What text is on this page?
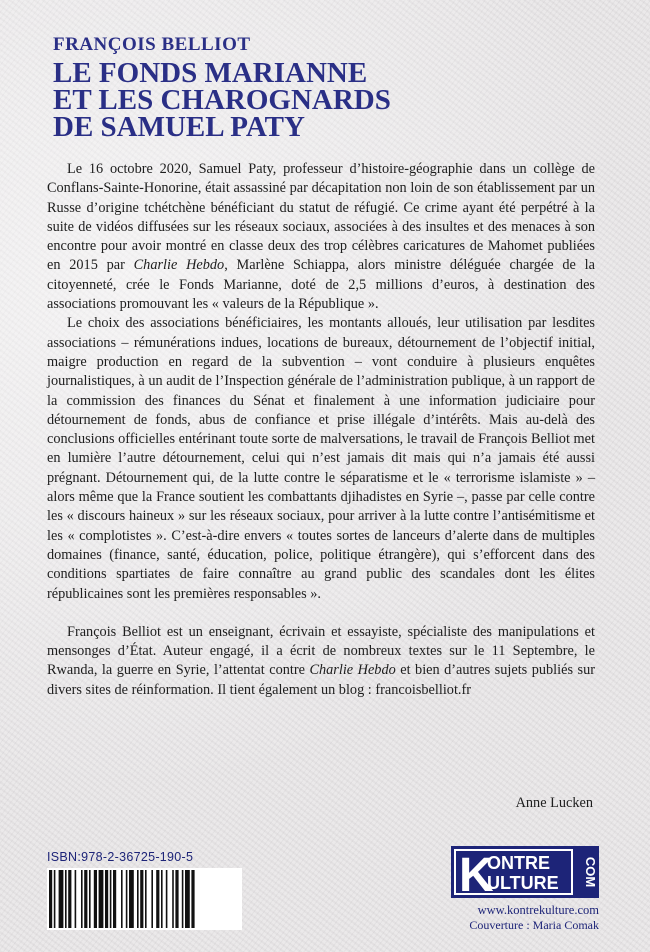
FRANÇOIS BELLIOT
LE FONDS MARIANNE
ET LES CHAROGNARDS
DE SAMUEL PATY

Le 16 octobre 2020, Samuel Paty, professeur d’histoire-géographie dans un collège de Conflans-Sainte-Honorine, était assassiné par décapitation non loin de son établissement par un Russe d’origine tchétchène bénéficiant du statut de réfugié. Ce crime ayant été perpétré à la suite de vidéos diffusées sur les réseaux sociaux, associées à des insultes et des menaces à son encontre pour avoir montré en classe deux des trop célèbres caricatures de Mahomet publiées en 2015 par Charlie Hebdo, Marlène Schiappa, alors ministre déléguée chargée de la citoyenneté, crée le Fonds Marianne, doté de 2,5 millions d’euros, à destination des associations promouvant les « valeurs de la République ».

Le choix des associations bénéficiaires, les montants alloués, leur utilisation par lesdites associations – rémunérations indues, locations de bureaux, détournement de l’objectif initial, maigre production en regard de la subvention – vont conduire à plusieurs enquêtes journalistiques, à un audit de l’Inspection générale de l’administration publique, à un rapport de la commission des finances du Sénat et finalement à une information judiciaire pour détournement de fonds, abus de confiance et prise illégale d’intérêts. Mais au-delà des conclusions officielles entérinant toute sorte de malversations, le travail de François Belliot met en lumière l’autre détournement, celui qui n’est jamais dit mais qui n’a jamais été aussi prégnant. Détournement qui, de la lutte contre le séparatisme et le « terrorisme islamiste » – alors même que la France soutient les combattants djihadistes en Syrie –, passe par celle contre les « discours haineux » sur les réseaux sociaux, pour arriver à la lutte contre l’antisémitisme et les « complotistes ». C’est-à-dire envers « toutes sortes de lanceurs d’alerte dans de multiples domaines (finance, santé, éducation, police, politique étrangère), qui s’efforcent dans des conditions spartiates de faire connaître au grand public des scandales dont les élites républicaines sont les premières responsables ».

François Belliot est un enseignant, écrivain et essayiste, spécialiste des manipulations et mensonges d’État. Auteur engagé, il a écrit de nombreux textes sur le 11 Septembre, le Rwanda, la guerre en Syrie, l’attentat contre Charlie Hebdo et bien d’autres sujets publiés sur divers sites de réinformation. Il tient également un blog : francoisbelliot.fr

Anne Lucken
ISBN:978-2-36725-190-5	K
ONTRE
ULTURE COM
www.kontrekulture.com
Couverture : Maria Comak
